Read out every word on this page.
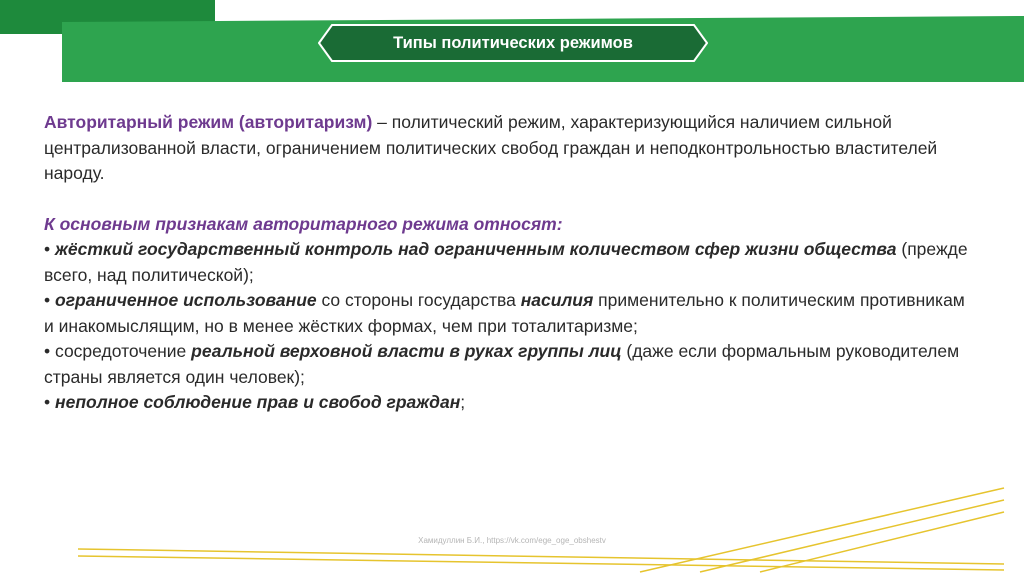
Типы политических режимов

Авторитарный режим (авторитаризм) – политический режим, характеризующийся наличием сильной централизованной власти, ограничением политических свобод граждан и неподконтрольностью властителей народу.

К основным признакам авторитарного режима относят:

• жёсткий государственный контроль над ограниченным количеством сфер жизни общества (прежде всего, над политической);

• ограниченное использование со стороны государства насилия применительно к политическим противникам и инакомыслящим, но в менее жёстких формах, чем при тоталитаризме;

• сосредоточение реальной верховной власти в руках группы лиц (даже если формальным руководителем страны является один человек);

• неполное соблюдение прав и свобод граждан;

Хамидуллин Б.И., https://vk.com/ege_oge_obshestv
